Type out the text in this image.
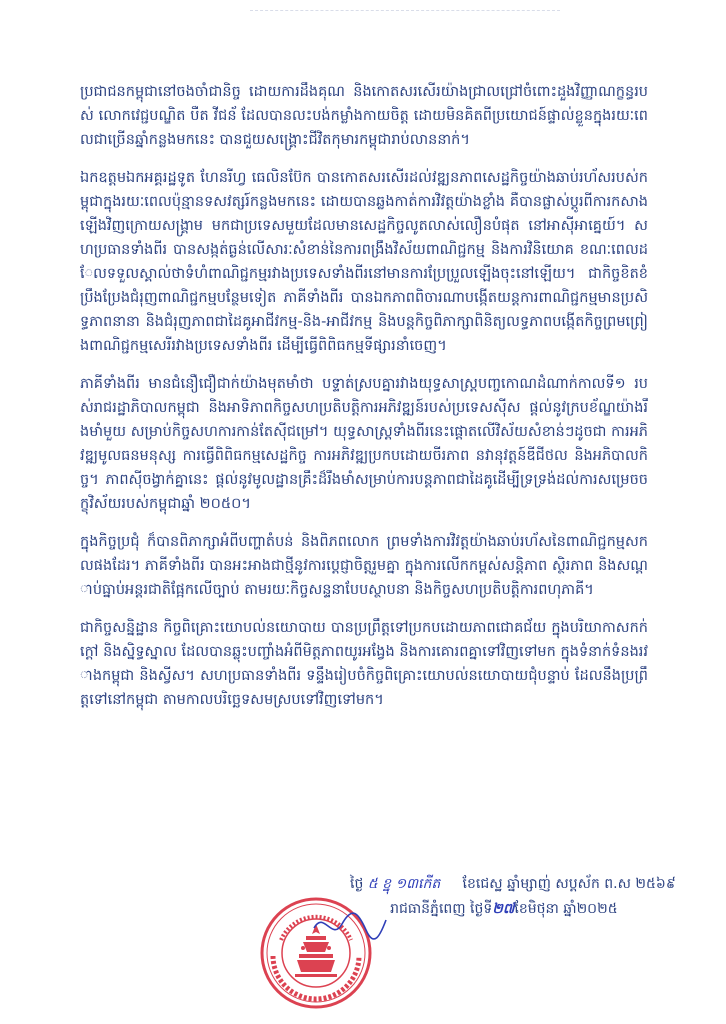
ប្រជាជនកម្ពុជានៅចងចាំជានិច្ច ដោយការដឹងគុណ និងកោតសរសើរយ៉ាងជ្រាលជ្រៅចំពោះដួងវិញ្ញាណក្ខន្ធរបស់ លោកវេជ្ជបណ្ឌិត បឺត វីជន័ ដែលបានលះបង់កម្លាំងកាយចិត្ត ដោយមិនគិតពីប្រយោជន៍ផ្ទាល់ខ្លួនក្នុងរយៈពេលជាច្រើនឆ្នាំកន្លងមកនេះ បានជួយសង្គ្រោះជីវិតកុមារកម្ពុជារាប់លាននាក់។

ឯកឧត្តមឯកអគ្គរដ្ឋទូត ហែនរីហ្វ ធេលិនប៊ែក បានកោតសរសើរដល់វឌ្ឍនភាពសេដ្ឋកិច្ចយ៉ាងឆាប់រហ័សរបស់កម្ពុជាក្នុងរយៈពេលប៉ុន្មានទសវត្សរ៍កន្លងមកនេះ ដោយបានឆ្លងកាត់ការវិវត្តយ៉ាងខ្លាំង គឺបានផ្លាស់ប្តូរពីការកសាងឡើងវិញក្រោយសង្គ្រាម មកជាប្រទេសមួយដែលមានសេដ្ឋកិច្ចលូតលាស់លឿនបំផុត នៅអាស៊ីអាគ្នេយ៍។ សហប្រធានទាំងពីរ បានសង្កត់ធ្ងន់លើសារៈសំខាន់នៃការពង្រឹងវិស័យពាណិជ្ជកម្ម និងការវិនិយោគ ខណៈពេលដែលទទួលស្គាល់ថាទំហំពាណិជ្ជកម្មរវាងប្រទេសទាំងពីរនៅមានការប្រែប្រួលឡើងចុះនៅឡើយ។ ជាកិច្ចខិតខំប្រឹងប្រែងជំរុញពាណិជ្ជកម្មបន្ថែមទៀត ភាគីទាំងពីរ បានឯកភាពពិចារណាបង្កើតយន្តការពាណិជ្ជកម្មមានប្រសិទ្ធភាពនានា និងជំរុញភាពជាដៃគូអាជីវកម្ម-និង-អាជីវកម្ម និងបន្តកិច្ចពិភាក្សាពិនិត្យលទ្ធភាពបង្កើតកិច្ចព្រមព្រៀងពាណិជ្ជកម្មសេរីរវាងប្រទេសទាំងពីរ ដើម្បីធ្វើពិពិធកម្មទីផ្សារនាំចេញ។

ភាគីទាំងពីរ មានជំនឿជឿជាក់យ៉ាងមុតមាំថា បទ្ទាត់ស្របគ្នារវាងយុទ្ធសាស្ត្របញ្ចកោណដំណាក់កាលទី១ របស់រាជរដ្ឋាភិបាលកម្ពុជា និងអាទិភាពកិច្ចសហប្រតិបត្តិការអភិវឌ្ឍន៍របស់ប្រទេសស៊ីស ផ្តល់នូវក្របខ័ណ្ឌយ៉ាងរឹងមាំមួយ សម្រាប់កិច្ចសហការកាន់តែស៊ីជម្រៅ។ យុទ្ធសាស្ត្រទាំងពីរនេះផ្តោតលើវិស័យសំខាន់ៗដូចជា ការអភិវឌ្ឍមូលធនមនុស្ស ការធ្វើពិពិធកម្មសេដ្ឋកិច្ច ការអភិវឌ្ឍប្រកបដោយចីរភាព នវានុវត្តន៍ឌីជីថល និងអភិបាលកិច្ច។ ភាពស៊ីចង្វាក់គ្នានេះ ផ្តល់នូវមូលដ្ឋានគ្រឹះដ៏រឹងមាំសម្រាប់ការបន្តភាពជាដៃគូដើម្បីទ្រទ្រង់ដល់ការសម្រេចចក្ខុវិស័យរបស់កម្ពុជាឆ្នាំ ២០៥០។

ក្នុងកិច្ចប្រជុំ ក៏បានពិភាក្សាអំពីបញ្ហាតំបន់ និងពិភពលោក ព្រមទាំងការវិវត្តយ៉ាងឆាប់រហ័សនៃពាណិជ្ជកម្មសកលផងដែរ។ ភាគីទាំងពីរ បានអះអាងជាថ្មីនូវការប្តេជ្ញាចិត្តរួមគ្នា ក្នុងការលើកកម្ពស់សន្តិភាព ស្ថិរភាព និងសណ្តាប់ធ្នាប់អន្តរជាតិផ្អែកលើច្បាប់ តាមរយៈកិច្ចសន្ទនាបែបស្ថាបនា និងកិច្ចសហប្រតិបត្តិការពហុភាគី។

ជាកិច្ចសន្និដ្ឋាន កិច្ចពិគ្រោះយោបល់នយោបាយ បានប្រព្រឹត្តទៅប្រកបដោយភាពជោគជ័យ ក្នុងបរិយាកាសកក់ក្តៅ និងស្និទ្ធស្នាល ដែលបានឆ្លុះបញ្ចាំងអំពីមិត្តភាពយូរអង្វែង និងការគោរពគ្នាទៅវិញទៅមក ក្នុងទំនាក់ទំនងរវាងកម្ពុជា និងស្វីស។ សហប្រធានទាំងពីរ ទន្ទឹងរៀបចំកិច្ចពិគ្រោះយោបល់នយោបាយជុំបន្ទាប់ ដែលនឹងប្រព្រឹត្តទៅនៅកម្ពុជា តាមកាលបរិច្ឆេទសមស្របទៅវិញទៅមក។

ថ្ងៃ ៥ ខ្នុ ១៣កេីត ខែជេស្ឋ ឆ្នាំម្សាញ់ សប្តស័ក ព.ស ២៥៦៩
រាជធានីភ្នំពេញ ថ្ងៃទី២៧ខែមិថុនា ឆ្នាំ២០២៥
